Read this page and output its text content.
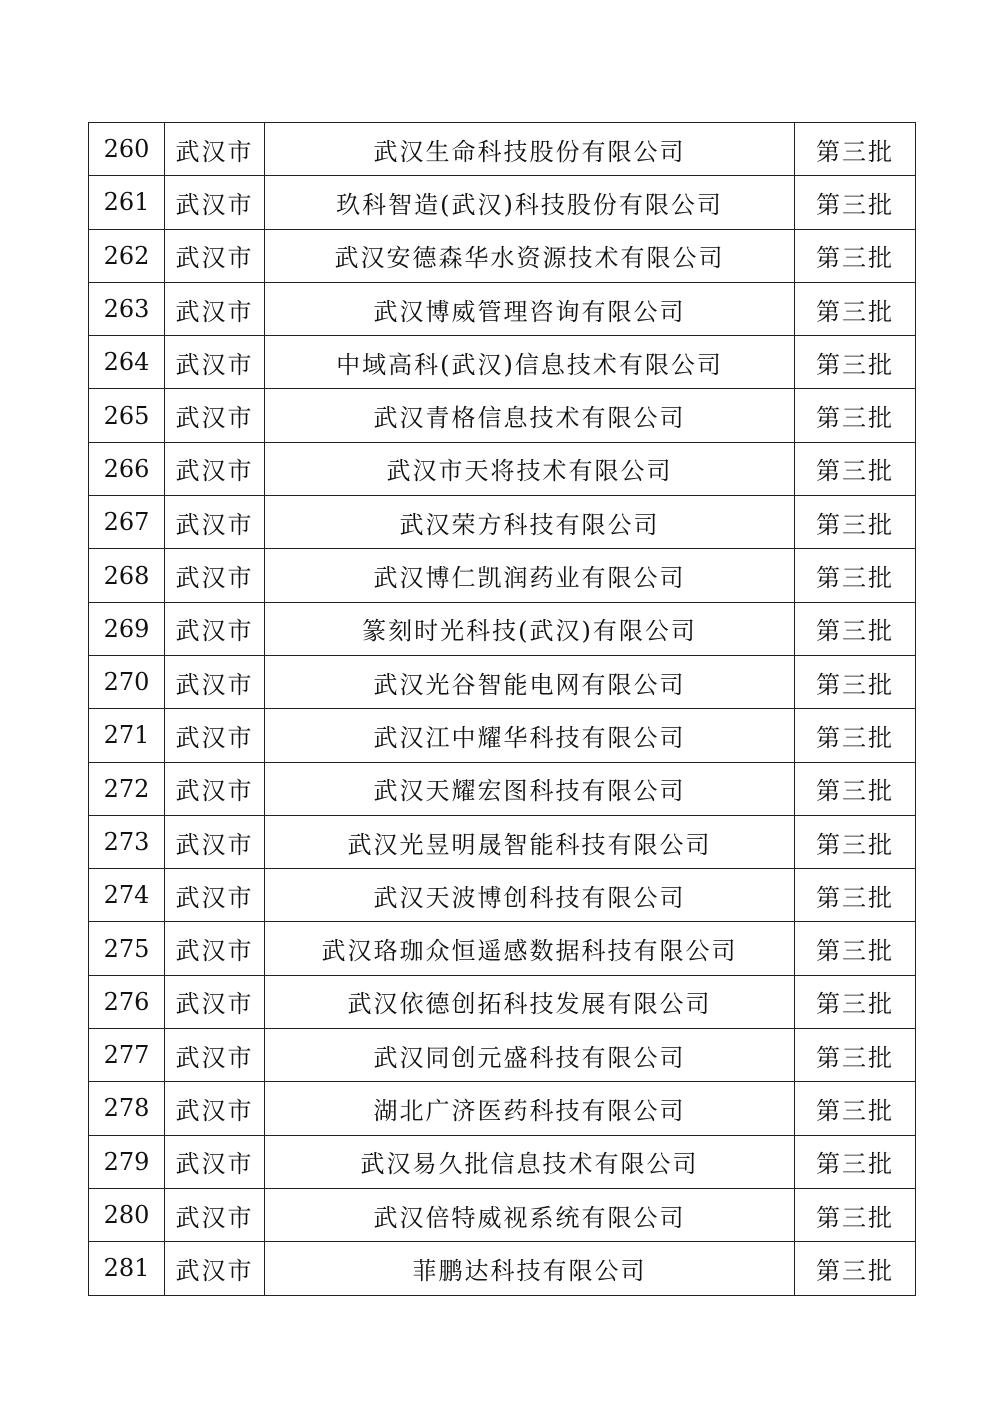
260	武汉市	武汉生命科技股份有限公司	第三批
261	武汉市	玖科智造(武汉)科技股份有限公司	第三批
262	武汉市	武汉安德森华水资源技术有限公司	第三批
263	武汉市	武汉博威管理咨询有限公司	第三批
264	武汉市	中域高科(武汉)信息技术有限公司	第三批
265	武汉市	武汉青格信息技术有限公司	第三批
266	武汉市	武汉市天将技术有限公司	第三批
267	武汉市	武汉荣方科技有限公司	第三批
268	武汉市	武汉博仁凯润药业有限公司	第三批
269	武汉市	篆刻时光科技(武汉)有限公司	第三批
270	武汉市	武汉光谷智能电网有限公司	第三批
271	武汉市	武汉江中耀华科技有限公司	第三批
272	武汉市	武汉天耀宏图科技有限公司	第三批
273	武汉市	武汉光昱明晟智能科技有限公司	第三批
274	武汉市	武汉天波博创科技有限公司	第三批
275	武汉市	武汉珞珈众恒遥感数据科技有限公司	第三批
276	武汉市	武汉依德创拓科技发展有限公司	第三批
277	武汉市	武汉同创元盛科技有限公司	第三批
278	武汉市	湖北广济医药科技有限公司	第三批
279	武汉市	武汉易久批信息技术有限公司	第三批
280	武汉市	武汉倍特威视系统有限公司	第三批
281	武汉市	菲鹏达科技有限公司	第三批
